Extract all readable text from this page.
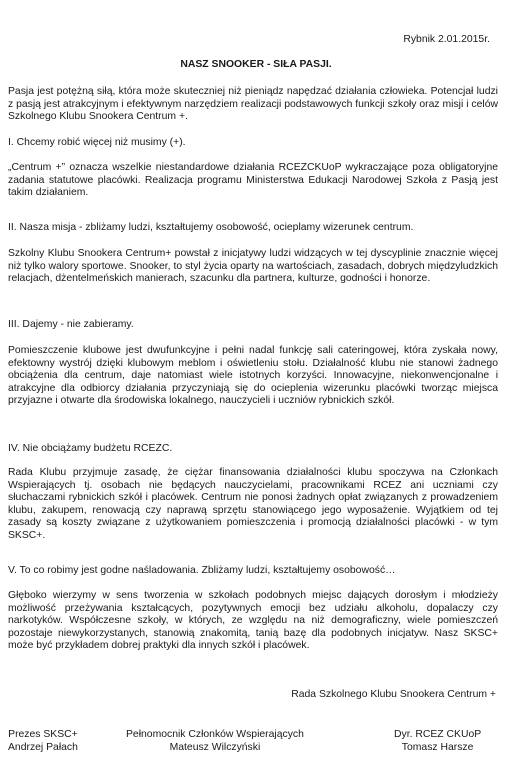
Rybnik 2.01.2015r.
NASZ SNOOKER - SIŁA PASJI.

Pasja jest potężną siłą, która może skuteczniej niż pieniądz napędzać działania człowieka. Potencjał ludzi z pasją jest atrakcyjnym i efektywnym narzędziem realizacji podstawowych funkcji szkoły oraz misji i celów Szkolnego Klubu Snookera Centrum +.

I. Chcemy robić więcej niż musimy (+).

„Centrum +” oznacza wszelkie niestandardowe działania RCEZCKUoP wykraczające poza obligatoryjne zadania statutowe placówki. Realizacja programu Ministerstwa Edukacji Narodowej Szkoła z Pasją jest takim działaniem.

II. Nasza misja - zbliżamy ludzi, kształtujemy osobowość, ocieplamy wizerunek centrum.

Szkolny Klubu Snookera Centrum+ powstał z inicjatywy ludzi widzących w tej dyscyplinie znacznie więcej niż tylko walory sportowe. Snooker, to styl życia oparty na wartościach, zasadach, dobrych międzyludzkich relacjach, dżentelmeńskich manierach, szacunku dla partnera, kulturze, godności i honorze.

III. Dajemy - nie zabieramy.

Pomieszczenie klubowe jest dwufunkcyjne i pełni nadal funkcję sali cateringowej, która zyskała nowy, efektowny wystrój dzięki klubowym meblom i oświetleniu stołu. Działalność klubu nie stanowi żadnego obciążenia dla centrum, daje natomiast wiele istotnych korzyści. Innowacyjne, niekonwencjonalne i atrakcyjne dla odbiorcy działania przyczyniają się do ocieplenia wizerunku placówki tworząc miejsca przyjazne i otwarte dla środowiska lokalnego, nauczycieli i uczniów rybnickich szkół.

IV. Nie obciążamy budżetu RCEZC.

Rada Klubu przyjmuje zasadę, że ciężar finansowania działalności klubu spoczywa na Członkach Wspierających tj. osobach nie będących nauczycielami, pracownikami RCEZ ani uczniami czy słuchaczami rybnickich szkół i placówek. Centrum nie ponosi żadnych opłat związanych z prowadzeniem klubu, zakupem, renowacją czy naprawą sprzętu stanowiącego jego wyposażenie. Wyjątkiem od tej zasady są koszty związane z użytkowaniem pomieszczenia i promocją działalności placówki - w tym SKSC+.

V. To co robimy jest godne naśladowania. Zbliżamy ludzi, kształtujemy osobowość…

Głęboko wierzymy w sens tworzenia w szkołach podobnych miejsc dających dorosłym i młodzieży możliwość przeżywania kształcących, pozytywnych emocji bez udziału alkoholu, dopalaczy czy narkotyków. Współczesne szkoły, w których, ze względu na niż demograficzny, wiele pomieszczeń pozostaje niewykorzystanych, stanowią znakomitą, tanią bazę dla podobnych inicjatyw. Nasz SKSC+ może być przykładem dobrej praktyki dla innych szkół i placówek.

Rada Szkolnego Klubu Snookera Centrum +
Prezes SKSC+
Andrzej Pałach
Pełnomocnik Członków Wspierających
Mateusz Wilczyński
Dyr. RCEZ CKUoP
Tomasz Harsze
